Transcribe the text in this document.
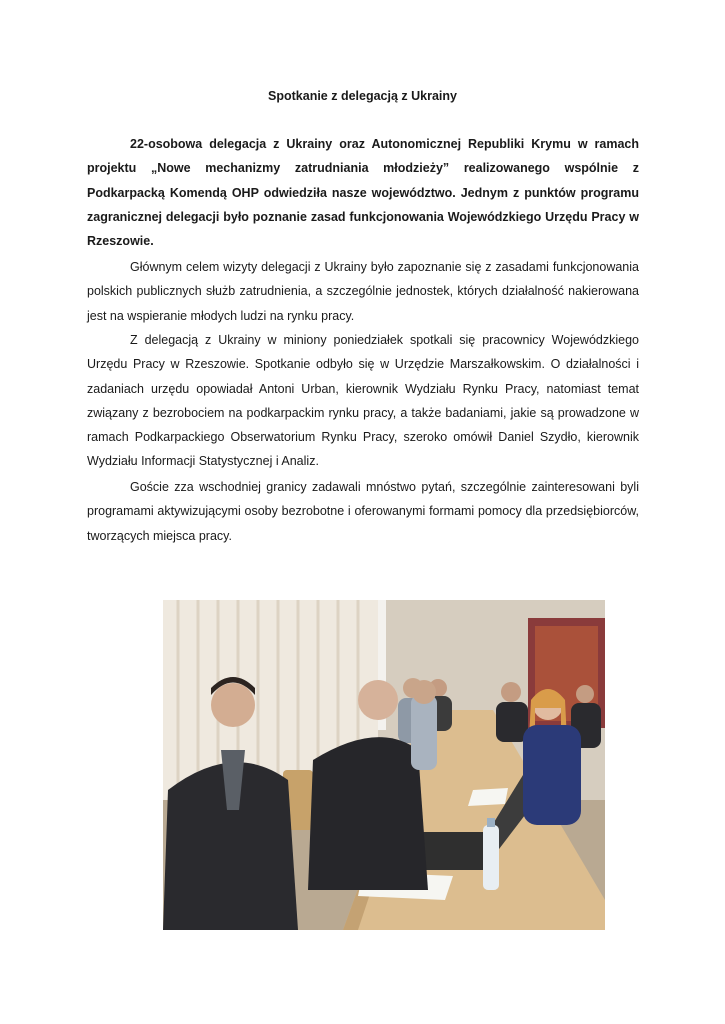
Spotkanie z delegacją z Ukrainy

22-osobowa delegacja z Ukrainy oraz Autonomicznej Republiki Krymu w ramach projektu „Nowe mechanizmy zatrudniania młodzieży” realizowanego wspólnie z Podkarpacką Komendą OHP odwiedziła nasze województwo. Jednym z punktów programu zagranicznej delegacji było poznanie zasad funkcjonowania Wojewódzkiego Urzędu Pracy w Rzeszowie.

Głównym celem wizyty delegacji z Ukrainy było zapoznanie się z zasadami funkcjonowania polskich publicznych służb zatrudnienia, a szczególnie jednostek, których działalność nakierowana jest na wspieranie młodych ludzi na rynku pracy.

Z delegacją z Ukrainy w miniony poniedziałek spotkali się pracownicy Wojewódzkiego Urzędu Pracy w Rzeszowie. Spotkanie odbyło się w Urzędzie Marszałkowskim. O działalności i zadaniach urzędu opowiadał Antoni Urban, kierownik Wydziału Rynku Pracy, natomiast temat związany z bezrobociem na podkarpackim rynku pracy, a także badaniami, jakie są prowadzone w ramach Podkarpackiego Obserwatorium Rynku Pracy, szeroko omówił Daniel Szydło, kierownik Wydziału Informacji Statystycznej i Analiz.

Goście zza wschodniej granicy zadawali mnóstwo pytań, szczególnie zainteresowani byli programami aktywizującymi osoby bezrobotne i oferowanymi formami pomocy dla przedsiębiorców, tworzących miejsca pracy.
